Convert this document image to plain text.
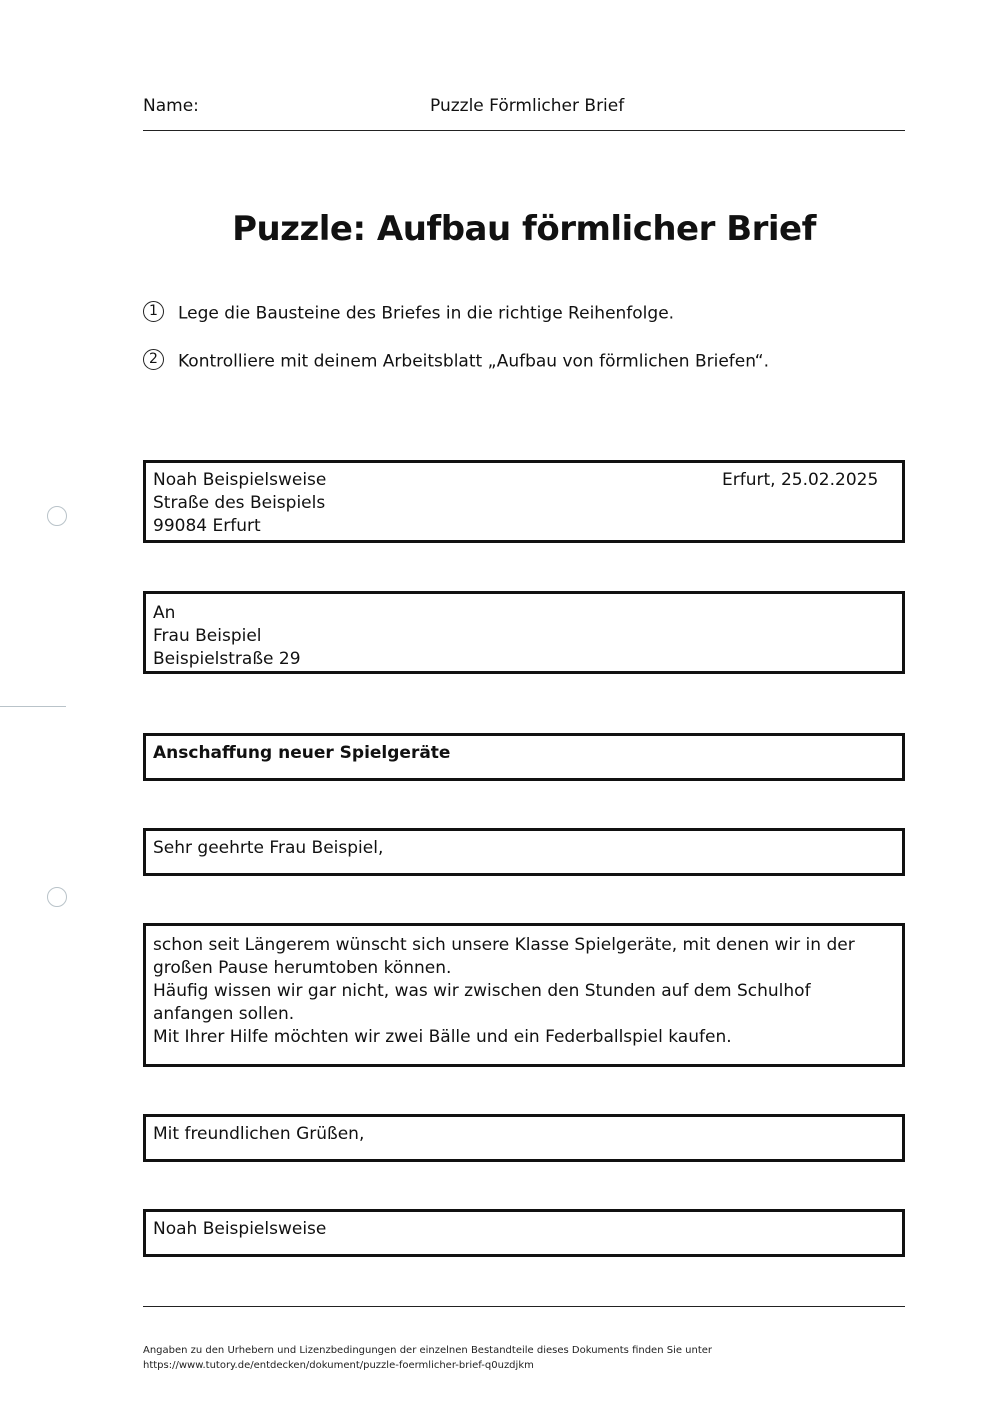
Name:	Puzzle Förmlicher Brief
Puzzle: Aufbau förmlicher Brief
1 Lege die Bausteine des Briefes in die richtige Reihenfolge.
2 Kontrolliere mit deinem Arbeitsblatt „Aufbau von förmlichen Briefen“.
Noah Beispielsweise
Straße des Beispiels
99084 Erfurt
Erfurt, 25.02.2025
An
Frau Beispiel
Beispielstraße 29
Anschaffung neuer Spielgeräte
Sehr geehrte Frau Beispiel,
schon seit Längerem wünscht sich unsere Klasse Spielgeräte, mit denen wir in der großen Pause herumtoben können.
Häufig wissen wir gar nicht, was wir zwischen den Stunden auf dem Schulhof anfangen sollen.
Mit Ihrer Hilfe möchten wir zwei Bälle und ein Federballspiel kaufen.
Mit freundlichen Grüßen,
Noah Beispielsweise
Angaben zu den Urhebern und Lizenzbedingungen der einzelnen Bestandteile dieses Dokuments finden Sie unter
https://www.tutory.de/entdecken/dokument/puzzle-foermlicher-brief-q0uzdjkm
